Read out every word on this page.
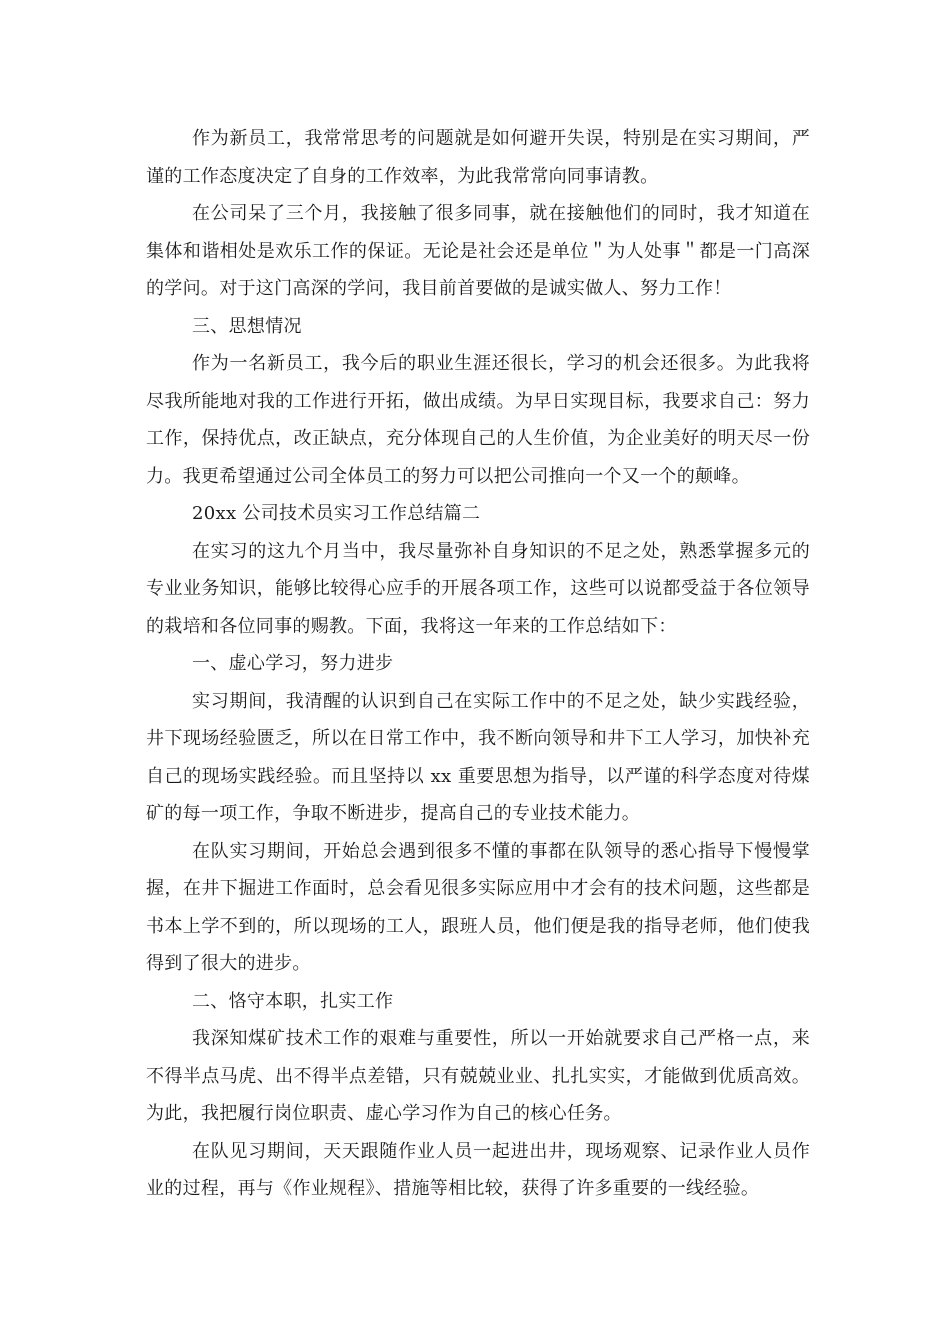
作为新员工，我常常思考的问题就是如何避开失误，特别是在实习期间，严谨的工作态度决定了自身的工作效率，为此我常常向同事请教。

在公司呆了三个月，我接触了很多同事，就在接触他们的同时，我才知道在集体和谐相处是欢乐工作的保证。无论是社会还是单位＂为人处事＂都是一门高深的学问。对于这门高深的学问，我目前首要做的是诚实做人、努力工作！

三、思想情况

作为一名新员工，我今后的职业生涯还很长，学习的机会还很多。为此我将尽我所能地对我的工作进行开拓，做出成绩。为早日实现目标，我要求自己：努力工作，保持优点，改正缺点，充分体现自己的人生价值，为企业美好的明天尽一份力。我更希望通过公司全体员工的努力可以把公司推向一个又一个的颠峰。

20xx 公司技术员实习工作总结篇二

在实习的这九个月当中，我尽量弥补自身知识的不足之处，熟悉掌握多元的专业业务知识，能够比较得心应手的开展各项工作，这些可以说都受益于各位领导的栽培和各位同事的赐教。下面，我将这一年来的工作总结如下：

一、虚心学习，努力进步

实习期间，我清醒的认识到自己在实际工作中的不足之处，缺少实践经验，井下现场经验匮乏，所以在日常工作中，我不断向领导和井下工人学习，加快补充自己的现场实践经验。而且坚持以 xx 重要思想为指导，以严谨的科学态度对待煤矿的每一项工作，争取不断进步，提高自己的专业技术能力。

在队实习期间，开始总会遇到很多不懂的事都在队领导的悉心指导下慢慢掌握，在井下掘进工作面时，总会看见很多实际应用中才会有的技术问题，这些都是书本上学不到的，所以现场的工人，跟班人员，他们便是我的指导老师，他们使我得到了很大的进步。

二、恪守本职，扎实工作

我深知煤矿技术工作的艰难与重要性，所以一开始就要求自己严格一点，来不得半点马虎、出不得半点差错，只有兢兢业业、扎扎实实，才能做到优质高效。为此，我把履行岗位职责、虚心学习作为自己的核心任务。

在队见习期间，天天跟随作业人员一起进出井，现场观察、记录作业人员作业的过程，再与《作业规程》、措施等相比较，获得了许多重要的一线经验。
